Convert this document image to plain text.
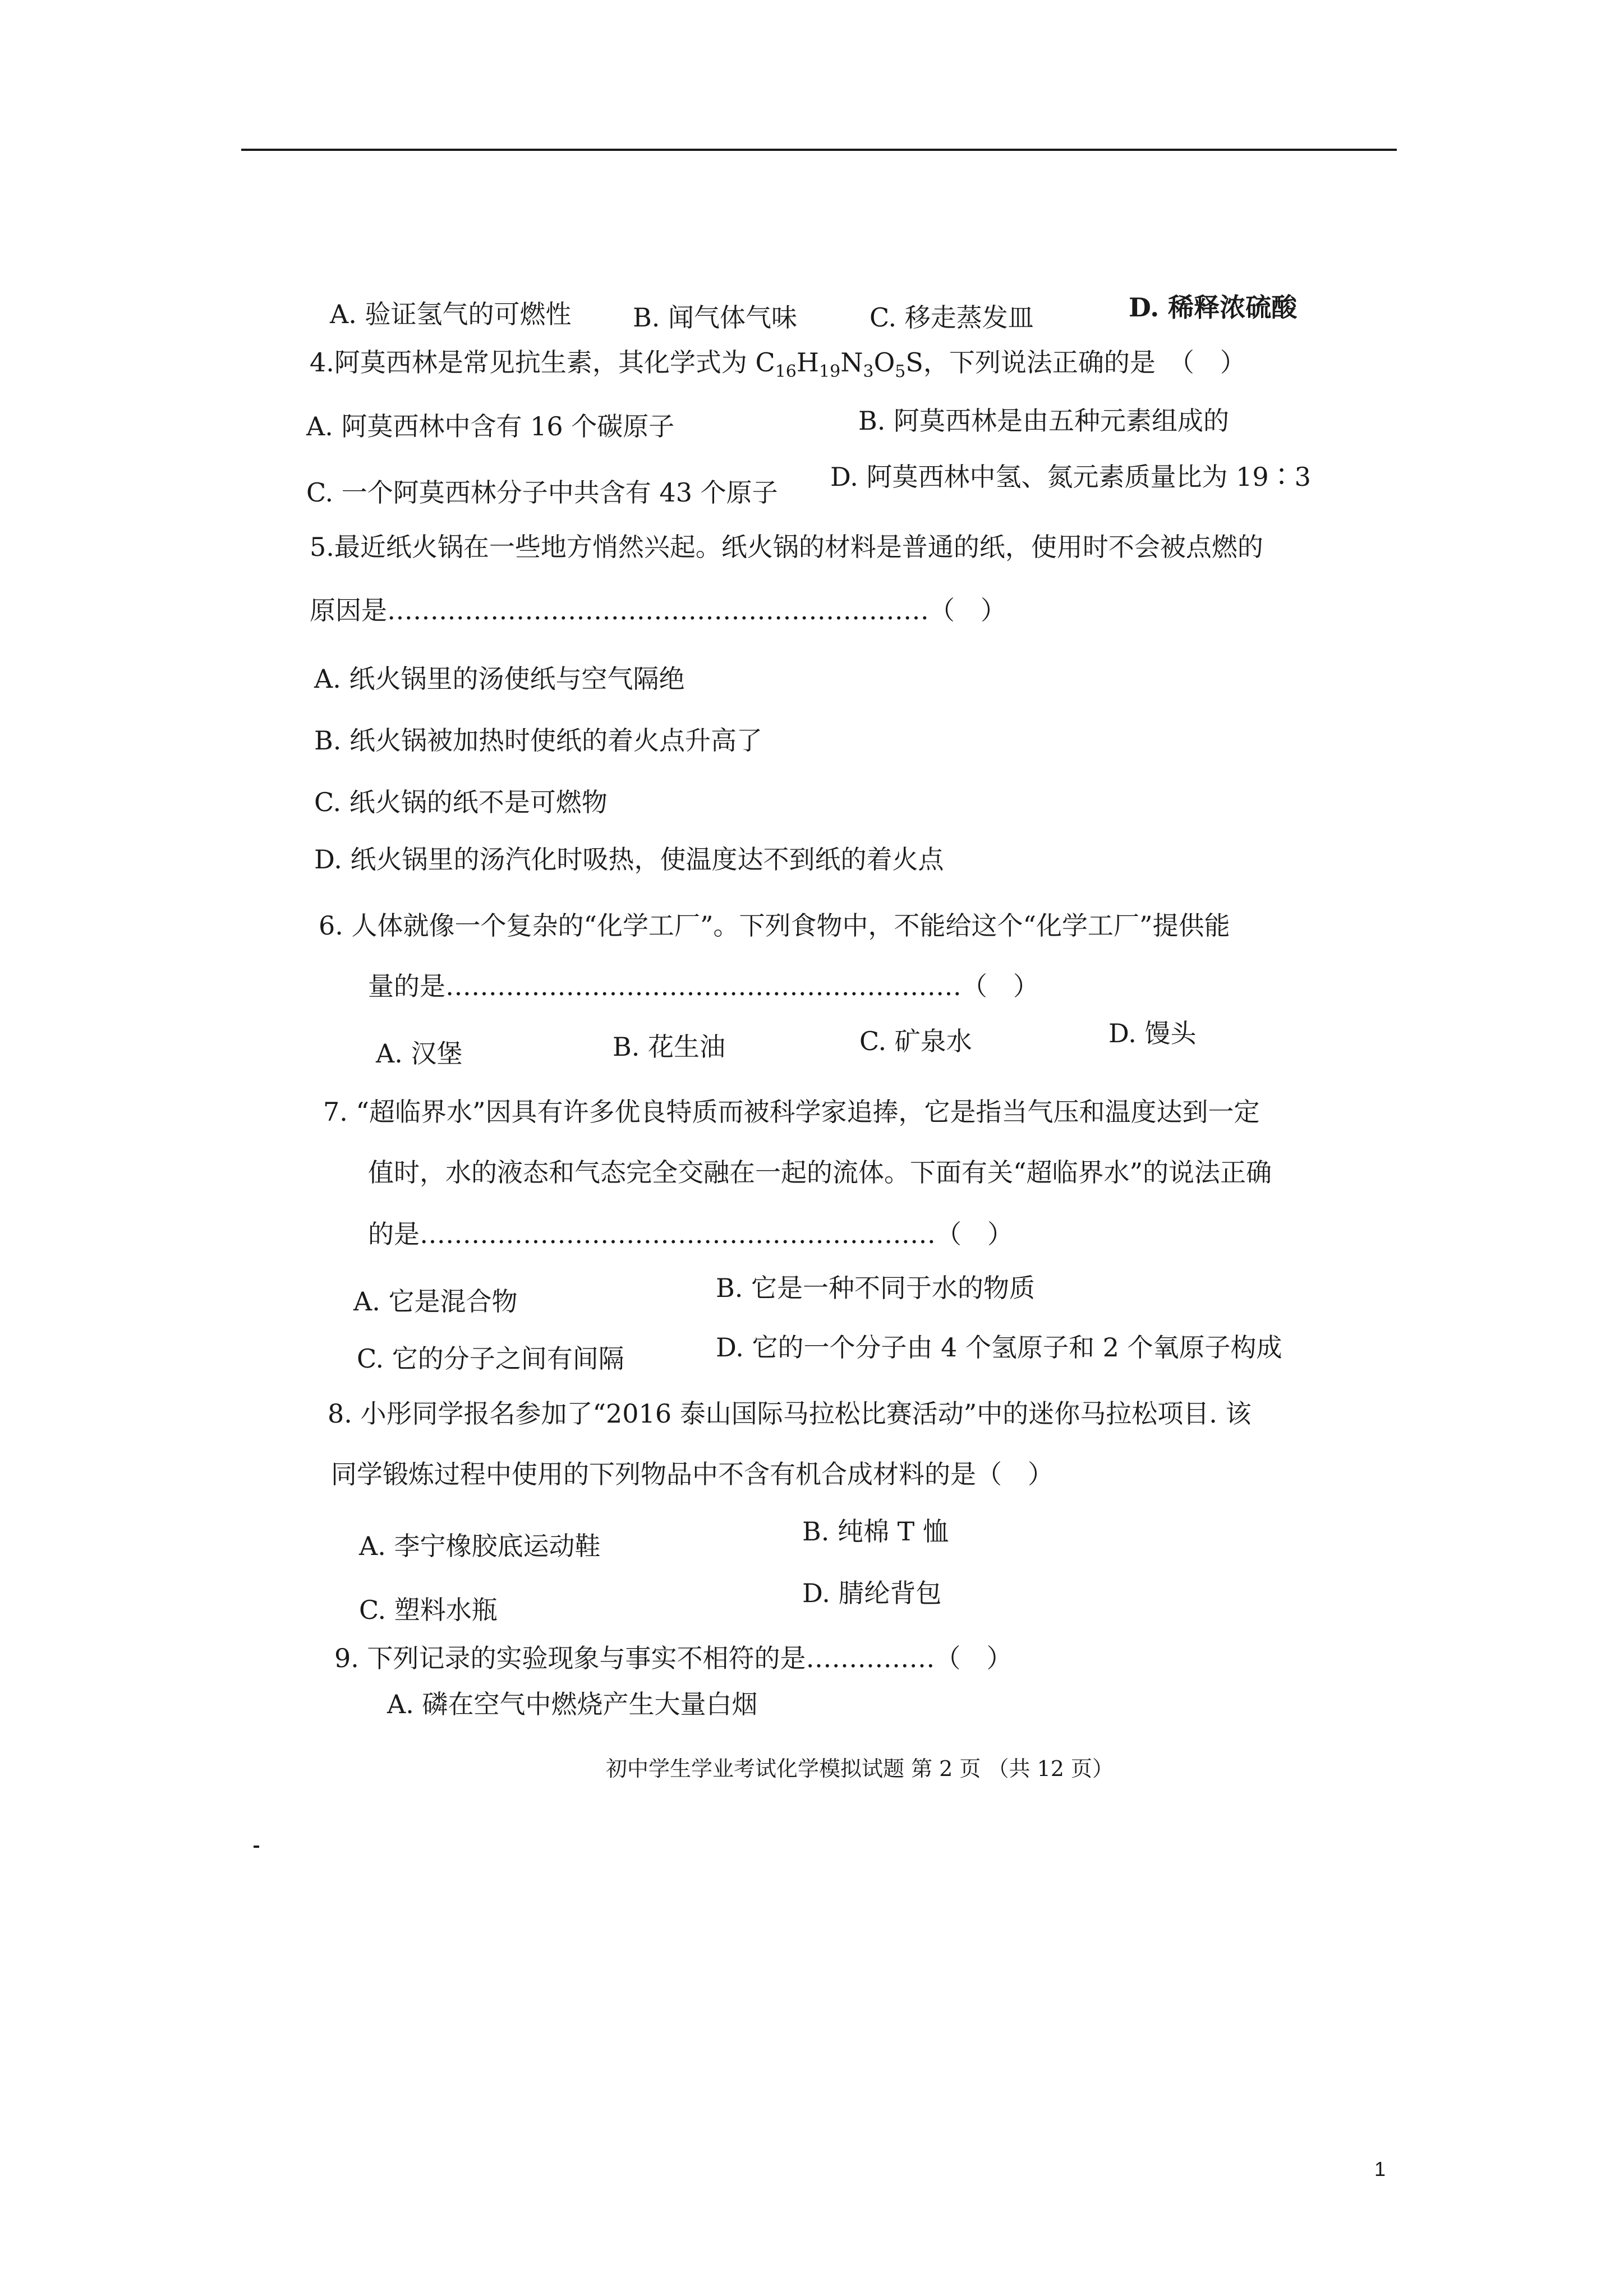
A. 验证氢气的可燃性 B. 闻气体气味	C. 移走蒸发皿	D. 稀释浓硫酸
4.阿莫西林是常见抗生素，其化学式为 $C_{16}H_{19}N_3O_5S$，下列说法正确的是　（　）
A. 阿莫西林中含有 16 个碳原子	B. 阿莫西林是由五种元素组成的
C. 一个阿莫西林分子中共含有 43 个原子
D. 阿莫西林中氢、氮元素质量比为 19∶3
5.最近纸火锅在一些地方悄然兴起。纸火锅的材料是普通的纸，使用时不会被点燃的
原因是………………………………………………………（　）
A. 纸火锅里的汤使纸与空气隔绝
B. 纸火锅被加热时使纸的着火点升高了
C. 纸火锅的纸不是可燃物
D. 纸火锅里的汤汽化时吸热，使温度达不到纸的着火点
6. 人体就像一个复杂的“化学工厂”。下列食物中，不能给这个“化学工厂”提供能
量的是……………………………………………………（　）
A. 汉堡	B. 花生油	C. 矿泉水	D. 馒头
7. “超临界水”因具有许多优良特质而被科学家追捧，它是指当气压和温度达到一定
值时，水的液态和气态完全交融在一起的流体。下面有关“超临界水”的说法正确
的是……………………………………………………（　）
A. 它是混合物	B. 它是一种不同于水的物质
C. 它的分子之间有间隔	D. 它的一个分子由 4 个氢原子和 2 个氧原子构成
8. 小彤同学报名参加了“2016 泰山国际马拉松比赛活动”中的迷你马拉松项目. 该
同学锻炼过程中使用的下列物品中不含有机合成材料的是（　）
A. 李宁橡胶底运动鞋	B. 纯棉 T 恤
C. 塑料水瓶
D. 腈纶背包
9. 下列记录的实验现象与事实不相符的是……………（　）
A. 磷在空气中燃烧产生大量白烟
初中学生学业考试化学模拟试题 第 2 页 （共 12 页）
1
